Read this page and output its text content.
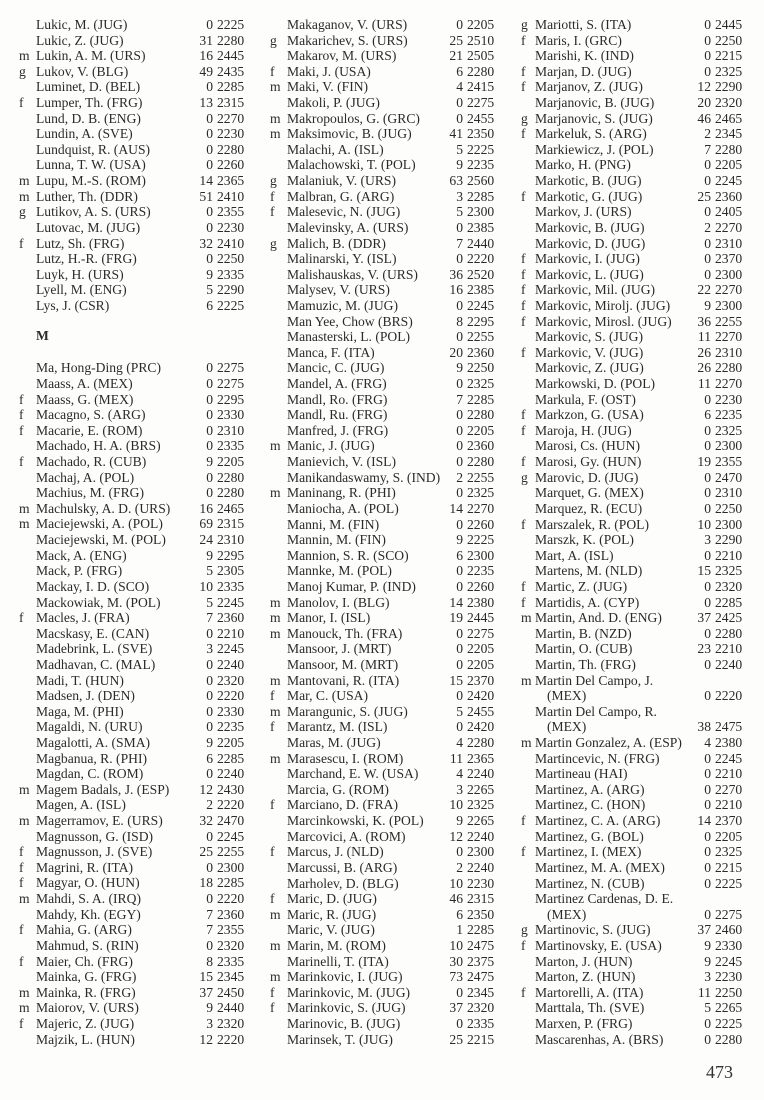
Lukic, M. (JUG)	0 2225
Lukic, Z. (JUG)	31 2280
m Lukin, A. M. (URS)	16 2445
g Lukov, V. (BLG)	49 2435
Luminet, D. (BEL)	0 2285
f Lumper, Th. (FRG)	13 2315
Lund, D. B. (ENG)	0 2270
Lundin, A. (SVE)	0 2230
Lundquist, R. (AUS)	0 2280
Lunna, T. W. (USA)	0 2260
m Lupu, M.-S. (ROM)	14 2365
m Luther, Th. (DDR)	51 2410
g Lutikov, A. S. (URS)	0 2355
Lutovac, M. (JUG)	0 2230
f Lutz, Sh. (FRG)	32 2410
Lutz, H.-R. (FRG)	0 2250
Luyk, H. (URS)	9 2335
Lyell, M. (ENG)	5 2290
Lys, J. (CSR)	6 2225
M
Ma, Hong-Ding (PRC)	0 2275
Maass, A. (MEX)	0 2275
f Maass, G. (MEX)	0 2295
f Macagno, S. (ARG)	0 2330
f Macarie, E. (ROM)	0 2310
Machado, H. A. (BRS)	0 2335
f Machado, R. (CUB)	9 2205
Machaj, A. (POL)	0 2280
Machius, M. (FRG)	0 2280
m Machulsky, A. D. (URS)	16 2465
m Maciejewski, A. (POL)	69 2315
Maciejewski, M. (POL)	24 2310
Mack, A. (ENG)	9 2295
Mack, P. (FRG)	5 2305
Mackay, I. D. (SCO)	10 2335
Mackowiak, M. (POL)	5 2245
f Macles, J. (FRA)	7 2360
Macskasy, E. (CAN)	0 2210
Madebrink, L. (SVE)	3 2245
Madhavan, C. (MAL)	0 2240
Madi, T. (HUN)	0 2320
Madsen, J. (DEN)	0 2220
Maga, M. (PHI)	0 2330
Magaldi, N. (URU)	0 2235
Magalotti, A. (SMA)	9 2205
Magbanua, R. (PHI)	6 2285
Magdan, C. (ROM)	0 2240
m Magem Badals, J. (ESP)	12 2430
Magen, A. (ISL)	2 2220
m Magerramov, E. (URS)	32 2470
Magnusson, G. (ISD)	0 2245
f Magnusson, J. (SVE)	25 2255
f Magrini, R. (ITA)	0 2300
f Magyar, O. (HUN)	18 2285
m Mahdi, S. A. (IRQ)	0 2220
Mahdy, Kh. (EGY)	7 2360
f Mahia, G. (ARG)	7 2355
Mahmud, S. (RIN)	0 2320
f Maier, Ch. (FRG)	8 2335
Mainka, G. (FRG)	15 2345
m Mainka, R. (FRG)	37 2450
m Maiorov, V. (URS)	9 2440
f Majeric, Z. (JUG)	3 2320
Majzik, L. (HUN)	12 2220
Makaganov, V. (URS)	0 2205
g Makarichev, S. (URS)	25 2510
Makarov, M. (URS)	21 2505
f Maki, J. (USA)	6 2280
m Maki, V. (FIN)	4 2415
Makoli, P. (JUG)	0 2275
m Makropoulos, G. (GRC)	0 2455
m Maksimovic, B. (JUG)	41 2350
Malachi, A. (ISL)	5 2225
Malachowski, T. (POL)	9 2235
g Malaniuk, V. (URS)	63 2560
f Malbran, G. (ARG)	3 2285
f Malesevic, N. (JUG)	5 2300
Malevinsky, A. (URS)	0 2385
g Malich, B. (DDR)	7 2440
Malinarski, Y. (ISL)	0 2220
Malishauskas, V. (URS)	36 2520
Malysev, V. (URS)	16 2385
Mamuzic, M. (JUG)	0 2245
Man Yee, Chow (BRS)	8 2295
Manasterski, L. (POL)	0 2255
Manca, F. (ITA)	20 2360
Mancic, C. (JUG)	9 2250
Mandel, A. (FRG)	0 2325
Mandl, Ro. (FRG)	7 2285
Mandl, Ru. (FRG)	0 2280
Manfred, J. (FRG)	0 2205
m Manic, J. (JUG)	0 2360
Manievich, V. (ISL)	0 2280
Manikandaswamy, S. (IND)	2 2255
m Maninang, R. (PHI)	0 2325
Maniocha, A. (POL)	14 2270
Manni, M. (FIN)	0 2260
Mannin, M. (FIN)	9 2225
Mannion, S. R. (SCO)	6 2300
Mannke, M. (POL)	0 2235
Manoj Kumar, P. (IND)	0 2260
m Manolov, I. (BLG)	14 2380
m Manor, I. (ISL)	19 2445
m Manouck, Th. (FRA)	0 2275
Mansoor, J. (MRT)	0 2205
Mansoor, M. (MRT)	0 2205
m Mantovani, R. (ITA)	15 2370
f Mar, C. (USA)	0 2420
m Marangunic, S. (JUG)	5 2455
f Marantz, M. (ISL)	0 2420
Maras, M. (JUG)	4 2280
m Marasescu, I. (ROM)	11 2365
Marchand, E. W. (USA)	4 2240
Marcia, G. (ROM)	3 2265
f Marciano, D. (FRA)	10 2325
Marcinkowski, K. (POL)	9 2265
Marcovici, A. (ROM)	12 2240
f Marcus, J. (NLD)	0 2300
Marcussi, B. (ARG)	2 2240
Marholev, D. (BLG)	10 2230
f Maric, D. (JUG)	46 2315
m Maric, R. (JUG)	6 2350
Maric, V. (JUG)	1 2285
m Marin, M. (ROM)	10 2475
Marinelli, T. (ITA)	30 2375
m Marinkovic, I. (JUG)	73 2475
f Marinkovic, M. (JUG)	0 2345
f Marinkovic, S. (JUG)	37 2320
Marinovic, B. (JUG)	0 2335
Marinsek, T. (JUG)	25 2215
g Mariotti, S. (ITA)	0 2445
f Maris, I. (GRC)	0 2250
Marishi, K. (IND)	0 2215
f Marjan, D. (JUG)	0 2325
f Marjanov, Z. (JUG)	12 2290
Marjanovic, B. (JUG)	20 2320
g Marjanovic, S. (JUG)	46 2465
f Markeluk, S. (ARG)	2 2345
Markiewicz, J. (POL)	7 2280
Marko, H. (PNG)	0 2205
Markotic, B. (JUG)	0 2245
f Markotic, G. (JUG)	25 2360
Markov, J. (URS)	0 2405
Markovic, B. (JUG)	2 2270
Markovic, D. (JUG)	0 2310
f Markovic, I. (JUG)	0 2370
f Markovic, L. (JUG)	0 2300
f Markovic, Mil. (JUG)	22 2270
f Markovic, Mirolj. (JUG)	9 2300
f Markovic, Mirosl. (JUG)	36 2255
Markovic, S. (JUG)	11 2270
f Markovic, V. (JUG)	26 2310
Markovic, Z. (JUG)	26 2280
Markowski, D. (POL)	11 2270
Markula, F. (OST)	0 2230
f Markzon, G. (USA)	6 2235
f Maroja, H. (JUG)	0 2325
Marosi, Cs. (HUN)	0 2300
f Marosi, Gy. (HUN)	19 2355
g Marovic, D. (JUG)	0 2470
Marquet, G. (MEX)	0 2310
Marquez, R. (ECU)	0 2250
f Marszalek, R. (POL)	10 2300
Marszk, K. (POL)	3 2290
Mart, A. (ISL)	0 2210
Martens, M. (NLD)	15 2325
f Martic, Z. (JUG)	0 2320
f Martidis, A. (CYP)	0 2285
m Martin, And. D. (ENG)	37 2425
Martin, B. (NZD)	0 2280
Martin, O. (CUB)	23 2210
Martin, Th. (FRG)	0 2240
m Martin Del Campo, J.
(MEX)	0 2220
Martin Del Campo, R.
(MEX)	38 2475
m Martin Gonzalez, A. (ESP)	4 2380
Martincevic, N. (FRG)	0 2245
Martineau (HAI)	0 2210
Martinez, A. (ARG)	0 2270
Martinez, C. (HON)	0 2210
f Martinez, C. A. (ARG)	14 2370
Martinez, G. (BOL)	0 2205
f Martinez, I. (MEX)	0 2325
Martinez, M. A. (MEX)	0 2215
Martinez, N. (CUB)	0 2225
Martinez Cardenas, D. E.
(MEX)	0 2275
g Martinovic, S. (JUG)	37 2460
f Martinovsky, E. (USA)	9 2330
Marton, J. (HUN)	9 2245
Marton, Z. (HUN)	3 2230
f Martorelli, A. (ITA)	11 2250
Marttala, Th. (SVE)	5 2265
Marxen, P. (FRG)	0 2225
Mascarenhas, A. (BRS)	0 2280
473
